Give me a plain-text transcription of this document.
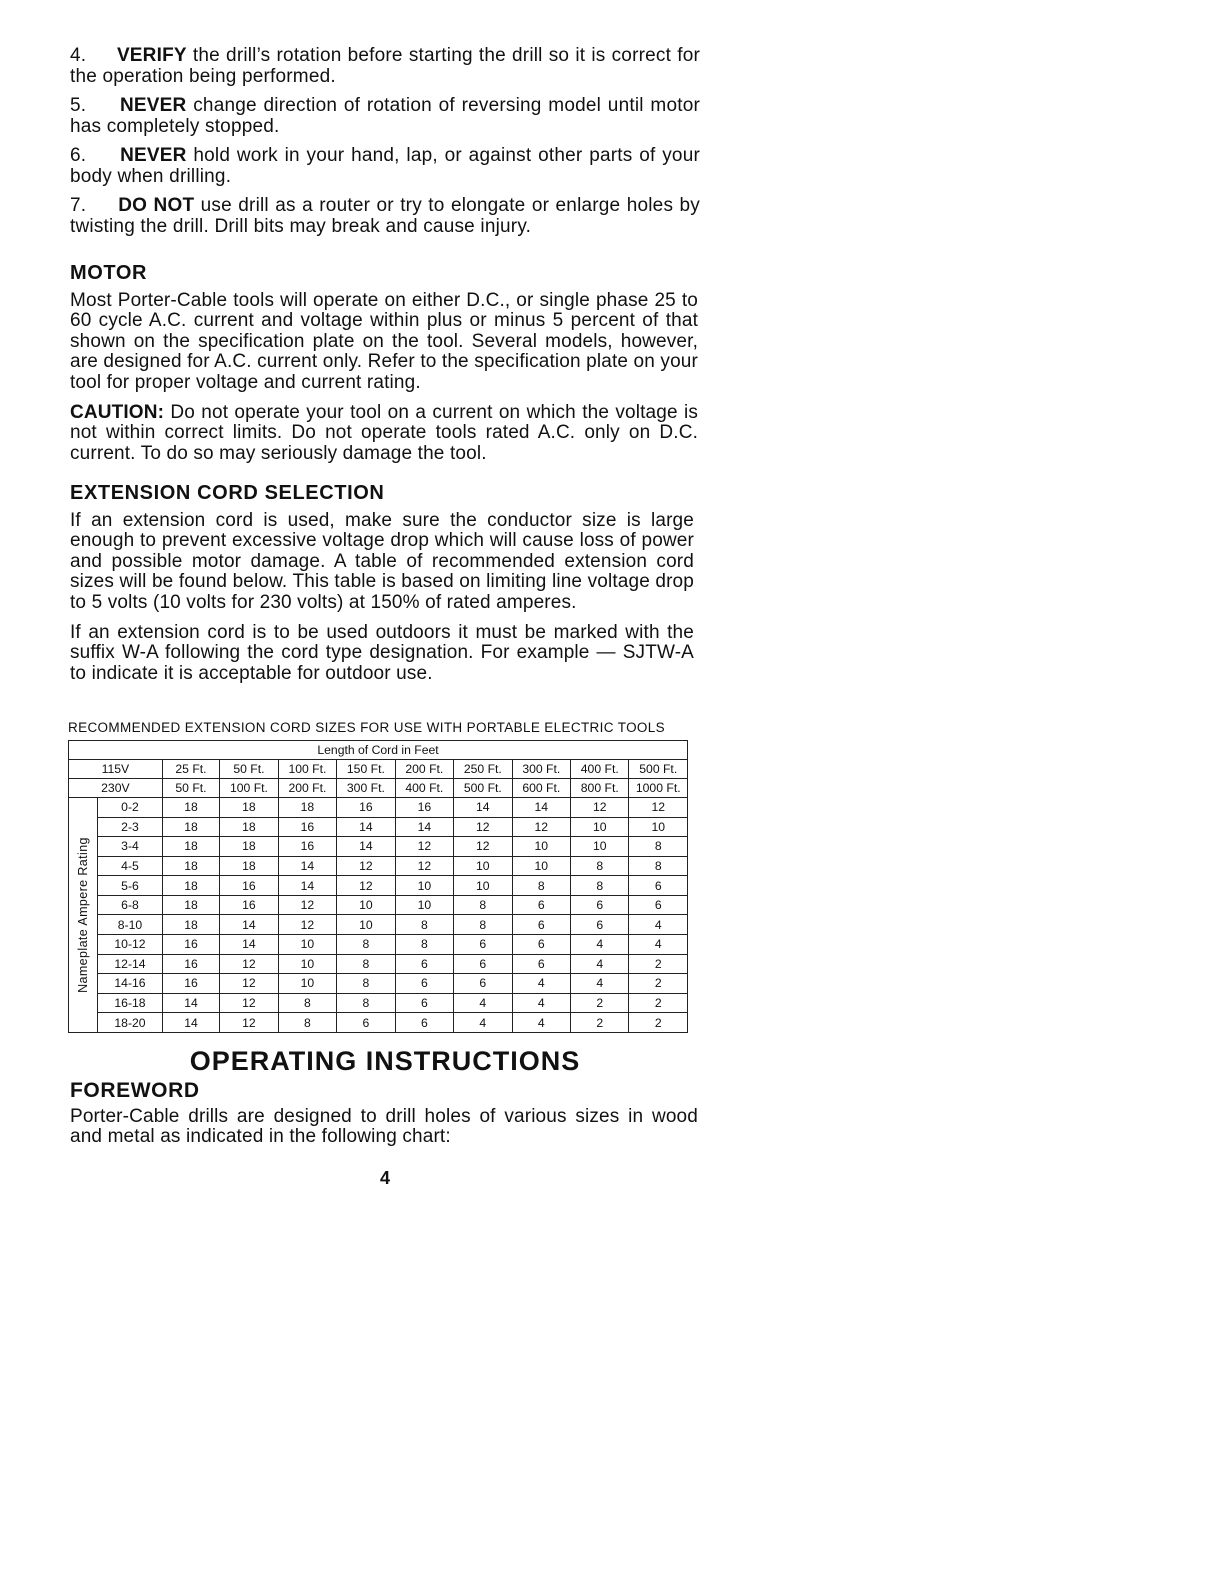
4. VERIFY the drill’s rotation before starting the drill so it is correct for the operation being performed.

5. NEVER change direction of rotation of reversing model until motor has completely stopped.

6. NEVER hold work in your hand, lap, or against other parts of your body when drilling.

7. DO NOT use drill as a router or try to elongate or enlarge holes by twisting the drill. Drill bits may break and cause injury.

MOTOR

Most Porter-Cable tools will operate on either D.C., or single phase 25 to 60 cycle A.C. current and voltage within plus or minus 5 percent of that shown on the specification plate on the tool. Several models, however, are designed for A.C. current only. Refer to the specification plate on your tool for proper voltage and current rating.

CAUTION: Do not operate your tool on a current on which the voltage is not within correct limits. Do not operate tools rated A.C. only on D.C. current. To do so may seriously damage the tool.

EXTENSION CORD SELECTION

If an extension cord is used, make sure the conductor size is large enough to prevent excessive voltage drop which will cause loss of power and possible motor damage. A table of recommended extension cord sizes will be found below. This table is based on limiting line voltage drop to 5 volts (10 volts for 230 volts) at 150% of rated amperes.

If an extension cord is to be used outdoors it must be marked with the suffix W-A following the cord type designation. For example — SJTW-A to indicate it is acceptable for outdoor use.

RECOMMENDED EXTENSION CORD SIZES FOR USE WITH PORTABLE ELECTRIC TOOLS

Length of Cord in Feet										
115V		25 Ft.	50 Ft.	100 Ft.	150 Ft.	200 Ft.	250 Ft.	300 Ft.	400 Ft.	500 Ft.
230V		50 Ft.	100 Ft.	200 Ft.	300 Ft.	400 Ft.	500 Ft.	600 Ft.	800 Ft.	1000 Ft.

Nameplate Ampere Rating	0-2	18	18	18	16	16	14	14	12	12
	2-3	18	18	16	14	14	12	12	10	10
	3-4	18	18	16	14	12	12	10	10	8
	4-5	18	18	14	12	12	10	10	8	8
	5-6	18	16	14	12	10	10	8	8	6
	6-8	18	16	12	10	10	8	6	6	6
	8-10	18	14	12	10	8	8	6	6	4
	10-12	16	14	10	8	8	6	6	4	4
	12-14	16	12	10	8	6	6	6	4	2
	14-16	16	12	10	8	6	6	4	4	2
	16-18	14	12	8	8	6	4	4	2	2
	18-20	14	12	8	6	6	4	4	2	2
OPERATING INSTRUCTIONS

FOREWORD

Porter-Cable drills are designed to drill holes of various sizes in wood and metal as indicated in the following chart:

4
